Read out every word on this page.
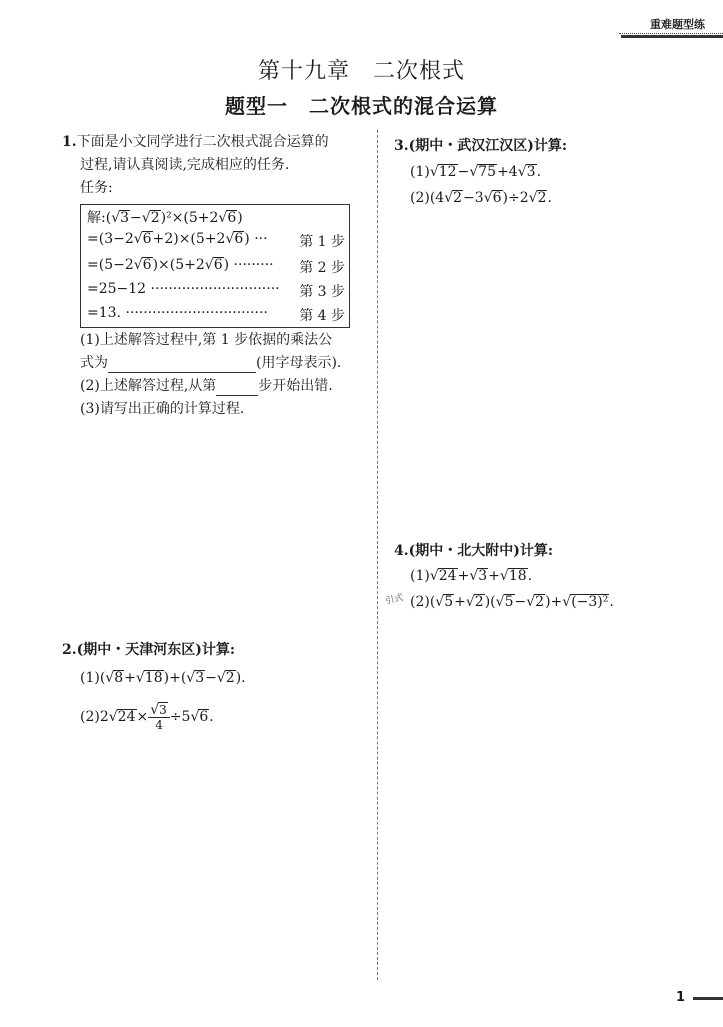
重难题型练
第十九章　二次根式
题型一　二次根式的混合运算
1.下面是小文同学进行二次根式混合运算的
过程,请认真阅读,完成相应的任务.
任务:
解:(√3−√2)²×(5+2√6)
=(3−2√6+2)×(5+2√6) ··· 第 1 步
=(5−2√6)×(5+2√6) ········· 第 2 步
=25−12 ····························· 第 3 步
=13. ································ 第 4 步
(1)上述解答过程中,第 1 步依据的乘法公
式为	(用字母表示).
(2)上述解答过程,从第	步开始出错.
(3)请写出正确的计算过程.
2.(期中・天津河东区)计算:
(1)(√8+√18)+(√3−√2).
$(2)2√24\times \frac{√3}{4} \div 5√6$.
3.(期中・武汉江汉区)计算:
(1)√12−√75+4√3.
(2)(4√2−3√6)÷2√2.
4.(期中・北大附中)计算:
(1)√24+√3+√18.
引式 (2)(√5+√2)(√5−√2)+√(−3)².
1
